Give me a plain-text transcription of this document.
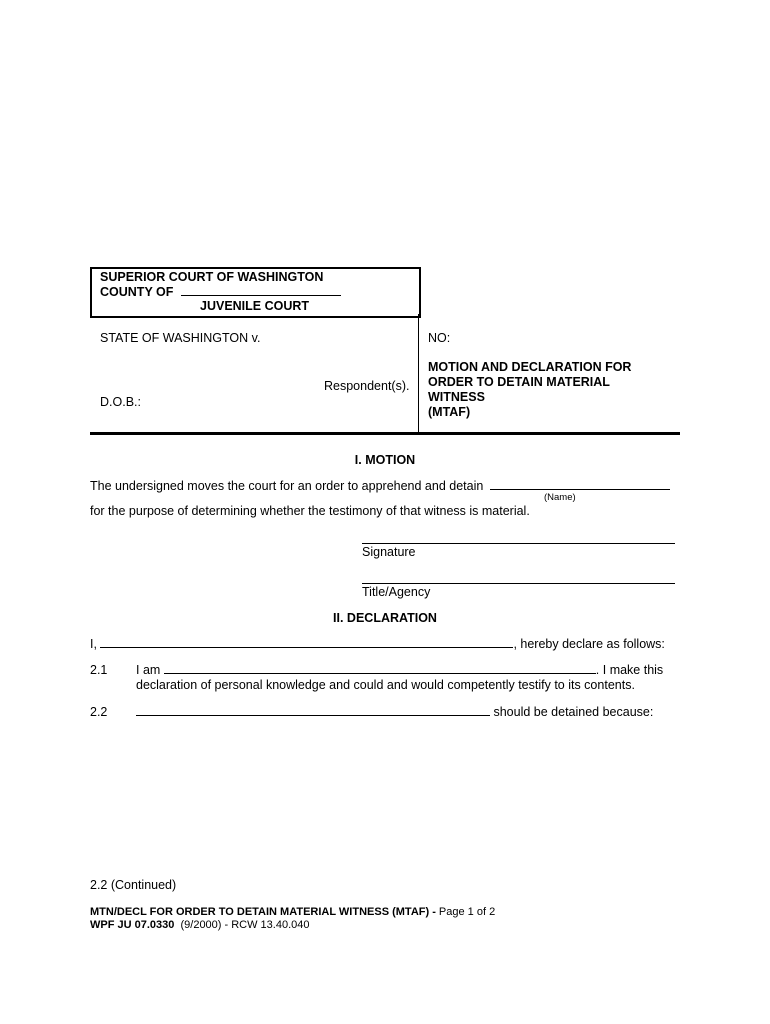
SUPERIOR COURT OF WASHINGTON
COUNTY OF
JUVENILE COURT
STATE OF WASHINGTON v.
Respondent(s).
D.O.B.:
NO:
MOTION AND DECLARATION FOR
ORDER TO DETAIN MATERIAL
WITNESS
(MTAF)
I. MOTION
The undersigned moves the court for an order to apprehend and detain
(Name)
for the purpose of determining whether the testimony of that witness is material.
Signature
Title/Agency
II. DECLARATION
I,	, hereby declare as follows:
2.1 I am	. I make this
declaration of personal knowledge and could and would competently testify to its contents.
2.2	should be detained because:
2.2 (Continued)
MTN/DECL FOR ORDER TO DETAIN MATERIAL WITNESS (MTAF) - Page 1 of 2
WPF JU 07.0330  (9/2000) - RCW 13.40.040
